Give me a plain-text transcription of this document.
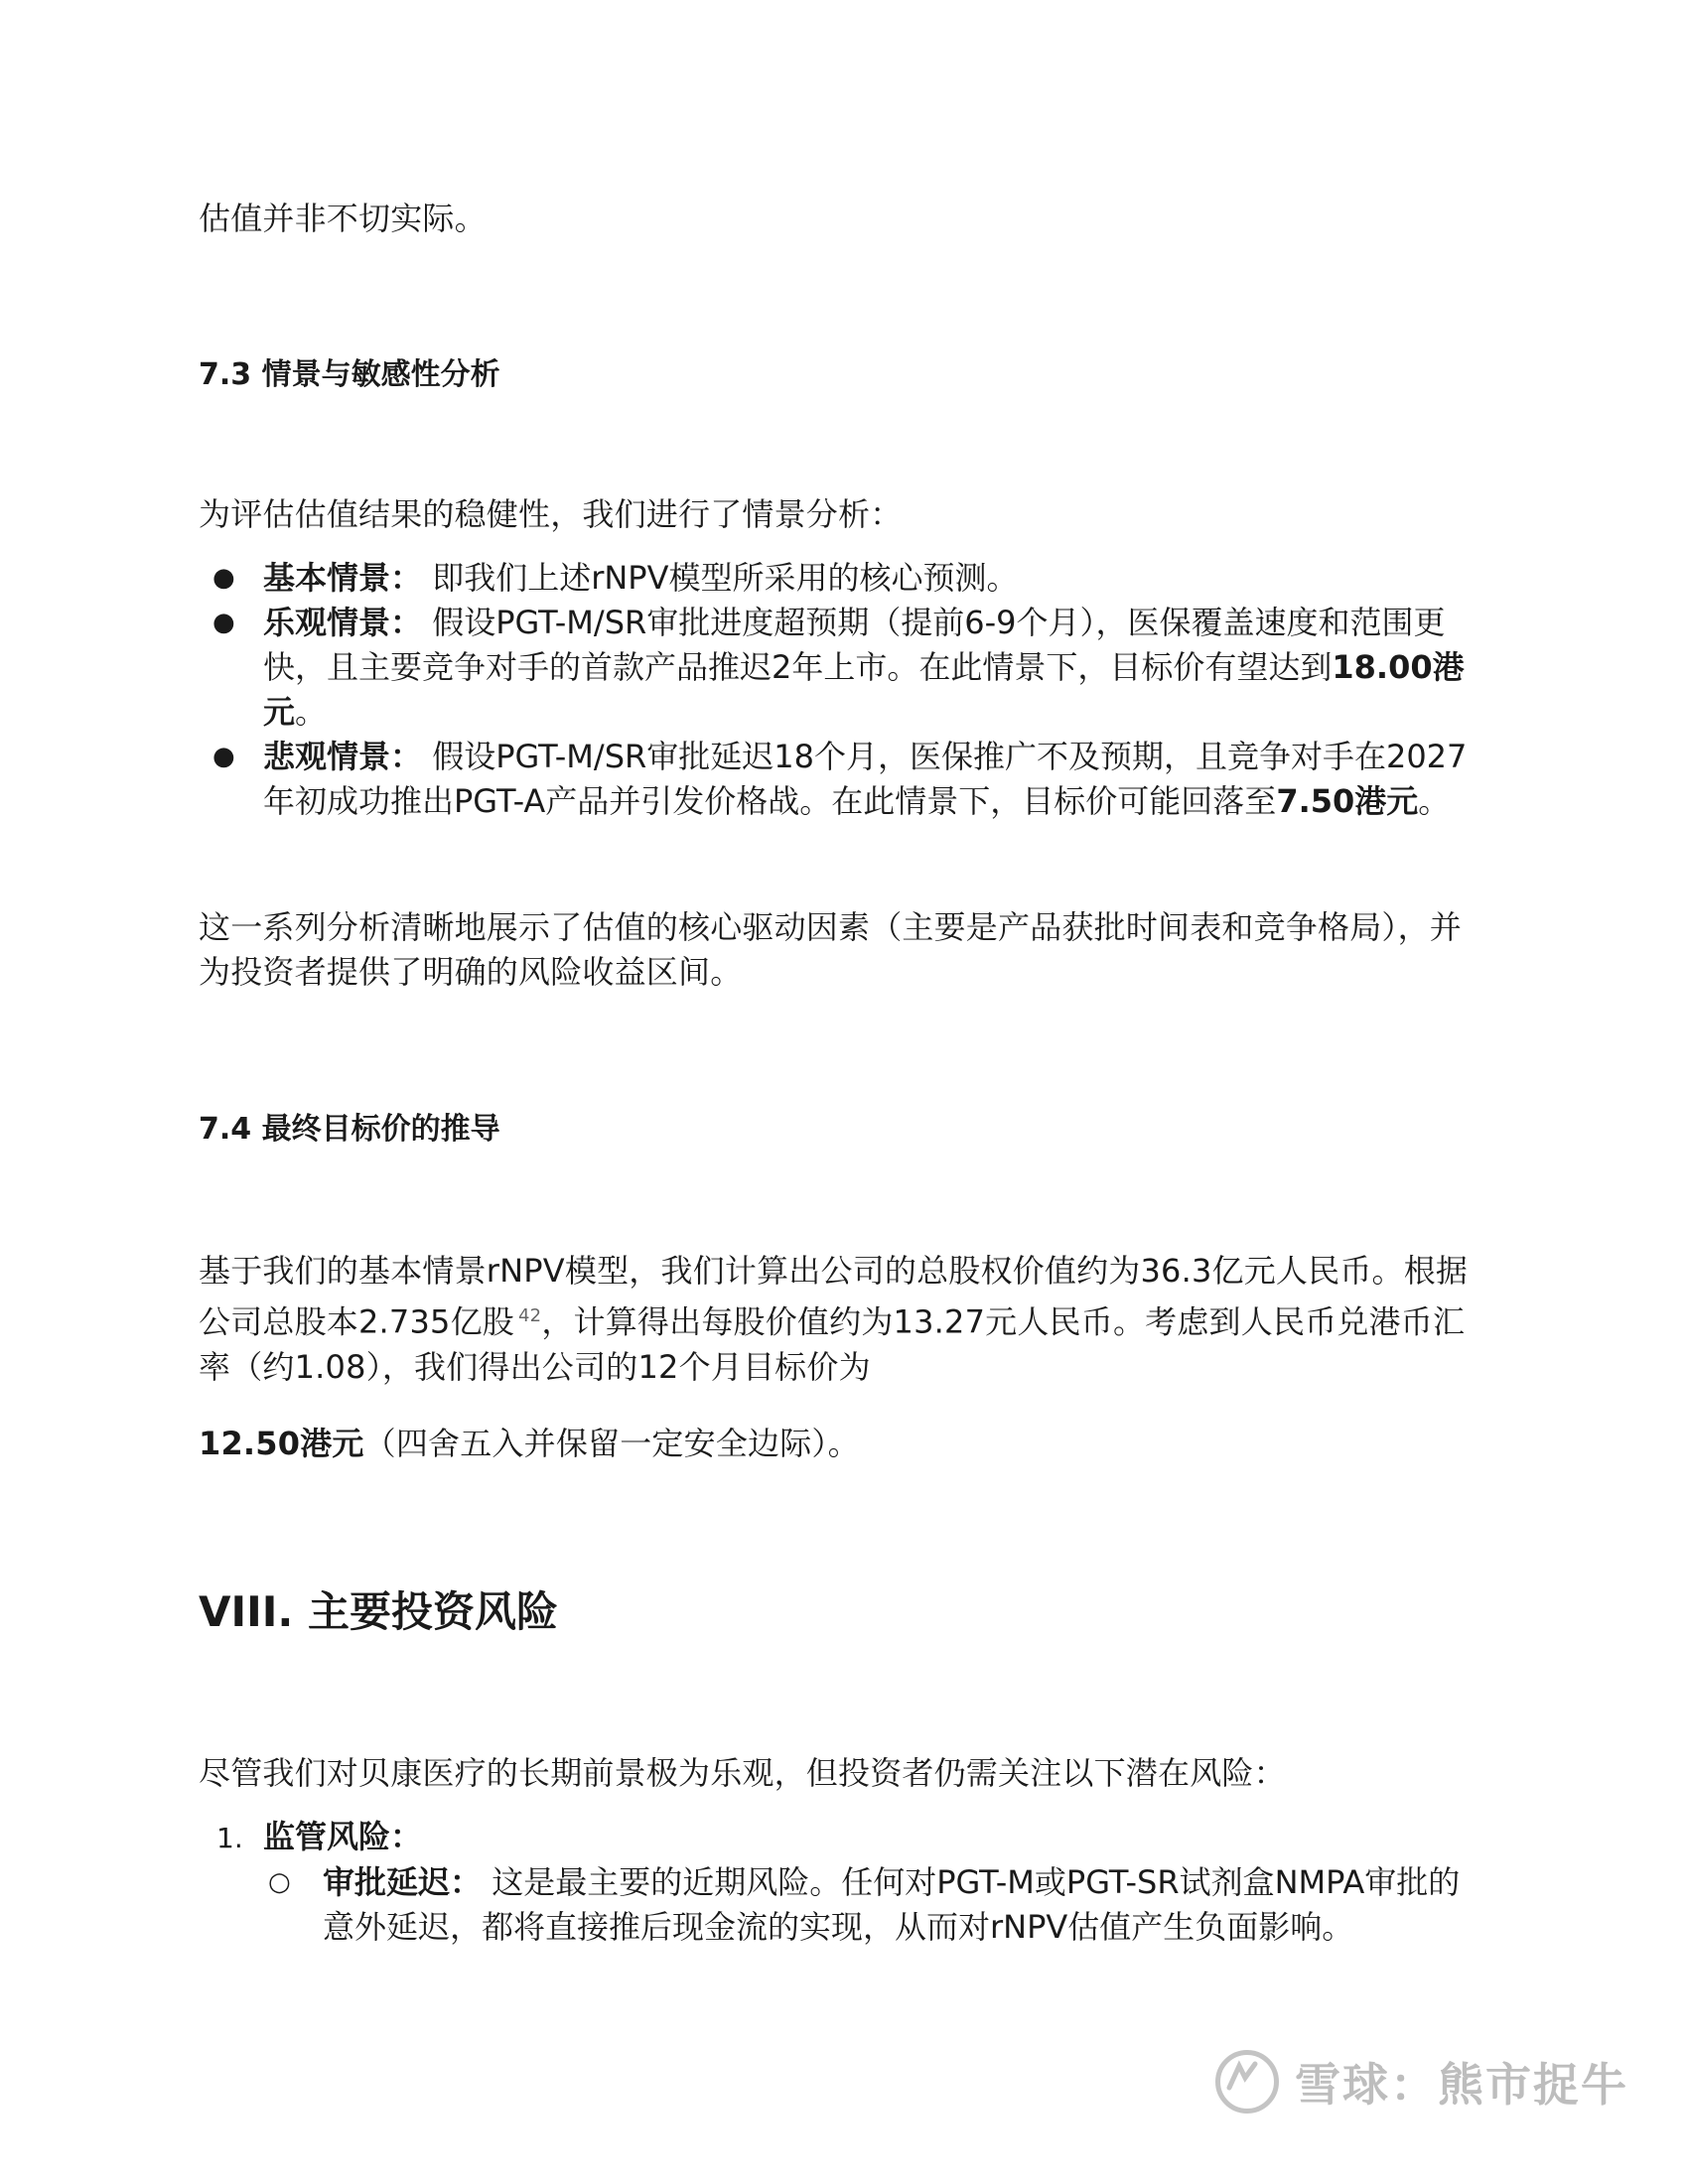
估值并非不切实际。
7.3 情景与敏感性分析
为评估估值结果的稳健性，我们进行了情景分析：
● 基本情景： 即我们上述rNPV模型所采用的核心预测。
● 乐观情景： 假设PGT-M/SR审批进度超预期（提前6-9个月），医保覆盖速度和范围更快，且主要竞争对手的首款产品推迟2年上市。在此情景下，目标价有望达到18.00港元。
● 悲观情景： 假设PGT-M/SR审批延迟18个月，医保推广不及预期，且竞争对手在2027年初成功推出PGT-A产品并引发价格战。在此情景下，目标价可能回落至7.50港元。
这一系列分析清晰地展示了估值的核心驱动因素（主要是产品获批时间表和竞争格局），并为投资者提供了明确的风险收益区间。
7.4 最终目标价的推导
基于我们的基本情景rNPV模型，我们计算出公司的总股权价值约为36.3亿元人民币。根据公司总股本2.735亿股 $^{42}$，计算得出每股价值约为13.27元人民币。考虑到人民币兑港币汇率（约1.08），我们得出公司的12个月目标价为
12.50港元（四舍五入并保留一定安全边际）。
VIII. 主要投资风险
尽管我们对贝康医疗的长期前景极为乐观，但投资者仍需关注以下潜在风险：
1. 监管风险：
○	审批延迟： 这是最主要的近期风险。任何对PGT-M或PGT-SR试剂盒NMPA审批的意外延迟，都将直接推后现金流的实现，从而对rNPV估值产生负面影响。
雪球：熊市捉牛
